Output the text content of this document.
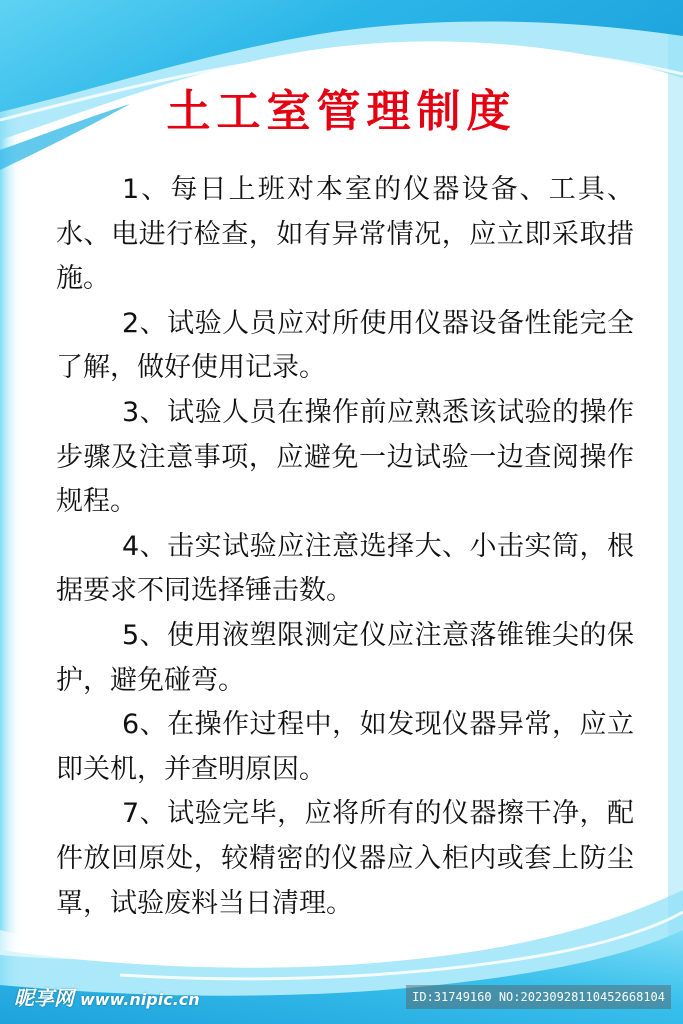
土工室管理制度
1、每日上班对本室的仪器设备、工具、水、电进行检查，如有异常情况，应立即采取措施。
2、试验人员应对所使用仪器设备性能完全了解，做好使用记录。
3、试验人员在操作前应熟悉该试验的操作步骤及注意事项，应避免一边试验一边查阅操作规程。
4、击实试验应注意选择大、小击实筒，根据要求不同选择锤击数。
5、使用液塑限测定仪应注意落锥锥尖的保护，避免碰弯。
6、在操作过程中，如发现仪器异常，应立即关机，并查明原因。
7、试验完毕，应将所有的仪器擦干净，配件放回原处，较精密的仪器应入柜内或套上防尘罩，试验废料当日清理。
昵享网 www.nipic.cn	ID:31749160 NO:20230928110452668104
